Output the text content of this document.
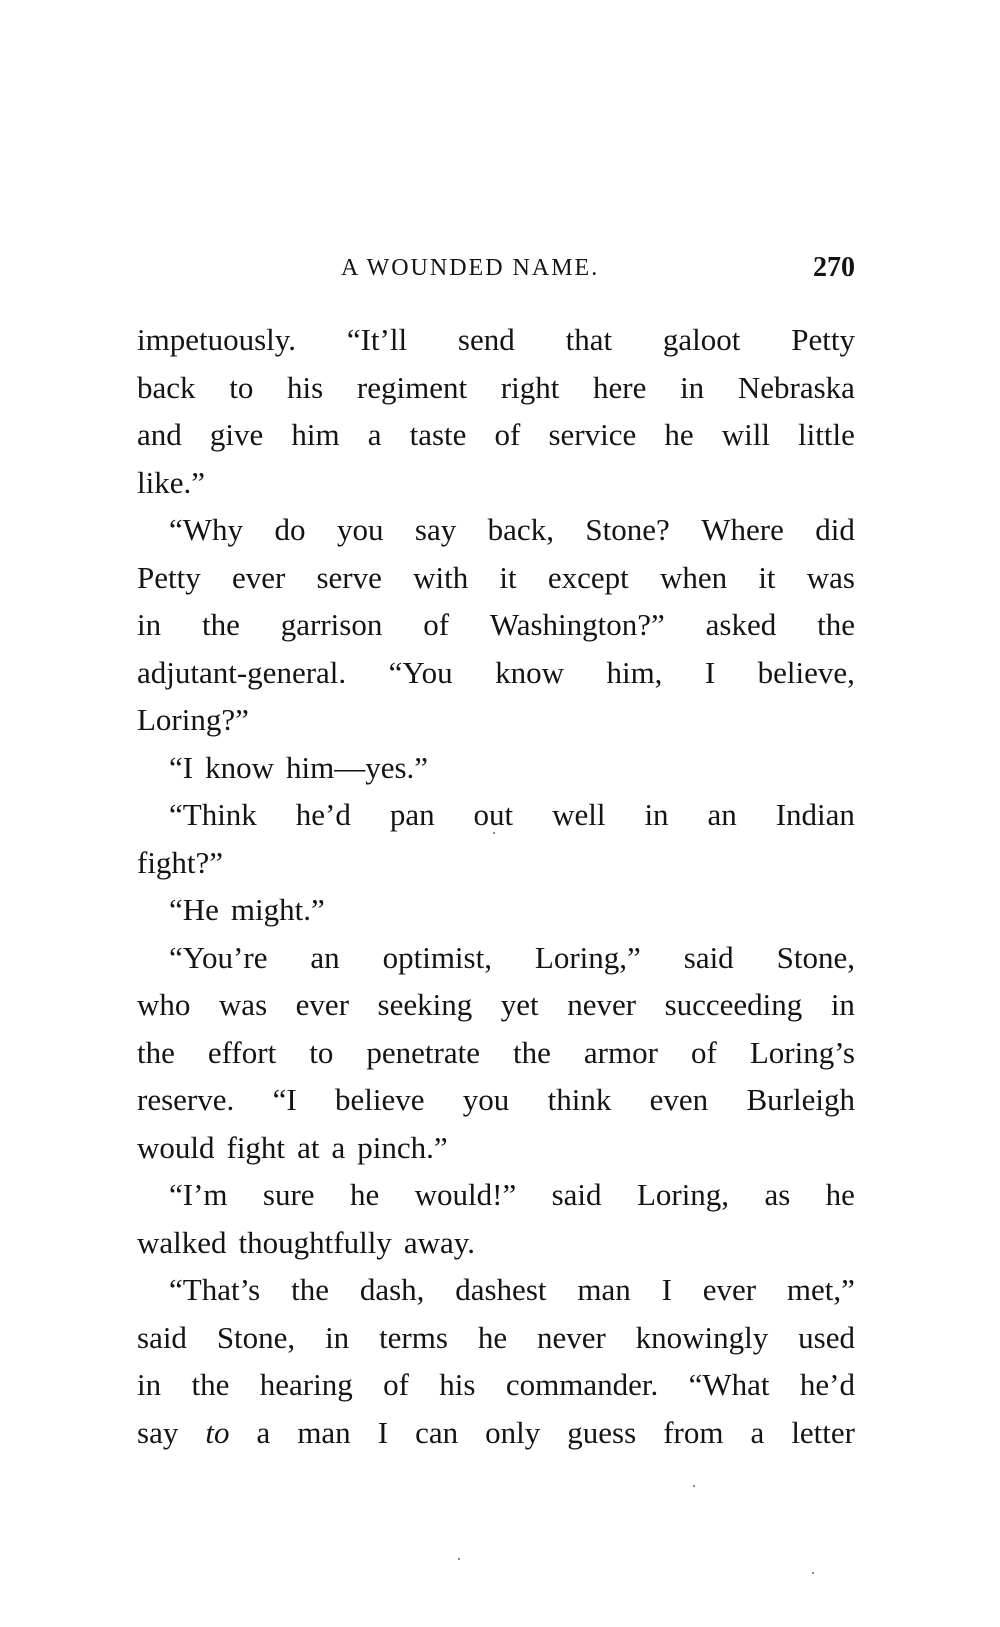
A WOUNDED NAME.	270
impetuously. “It’ll send that galoot Petty
back to his regiment right here in Nebraska
and give him a taste of service he will little
like.”
“Why do you say back, Stone? Where did
Petty ever serve with it except when it was
in the garrison of Washington?” asked the
adjutant-general. “You know him, I believe,
Loring?”
“I know him—yes.”
“Think he’d pan out well in an Indian
fight?”
“He might.”
“You’re an optimist, Loring,” said Stone,
who was ever seeking yet never succeeding in
the effort to penetrate the armor of Loring’s
reserve. “I believe you think even Burleigh
would fight at a pinch.”
“I’m sure he would!” said Loring, as he
walked thoughtfully away.
“That’s the dash, dashest man I ever met,”
said Stone, in terms he never knowingly used
in the hearing of his commander. “What he’d
say to a man I can only guess from a letter
